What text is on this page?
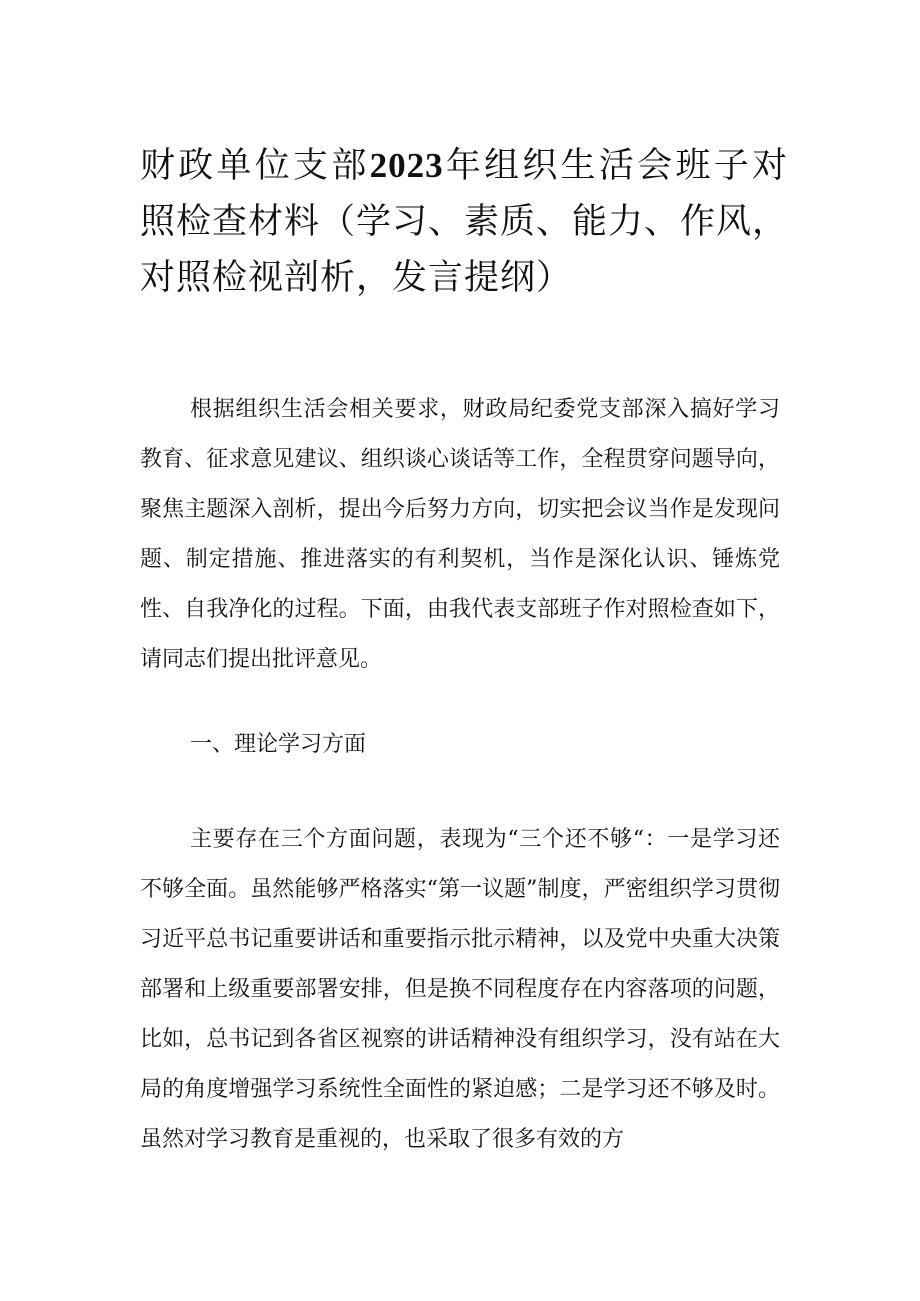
财政单位支部2023年组织生活会班子对照检查材料（学习、素质、能力、作风，对照检视剖析，发言提纲）

根据组织生活会相关要求，财政局纪委党支部深入搞好学习教育、征求意见建议、组织谈心谈话等工作，全程贯穿问题导向，聚焦主题深入剖析，提出今后努力方向，切实把会议当作是发现问题、制定措施、推进落实的有利契机，当作是深化认识、锤炼党性、自我净化的过程。下面，由我代表支部班子作对照检查如下，请同志们提出批评意见。

一、理论学习方面

主要存在三个方面问题，表现为“三个还不够“：一是学习还不够全面。虽然能够严格落实“第一议题”制度，严密组织学习贯彻习近平总书记重要讲话和重要指示批示精神，以及党中央重大决策部署和上级重要部署安排，但是换不同程度存在内容落项的问题，比如，总书记到各省区视察的讲话精神没有组织学习，没有站在大局的角度增强学习系统性全面性的紧迫感；二是学习还不够及时。虽然对学习教育是重视的，也采取了很多有效的方
